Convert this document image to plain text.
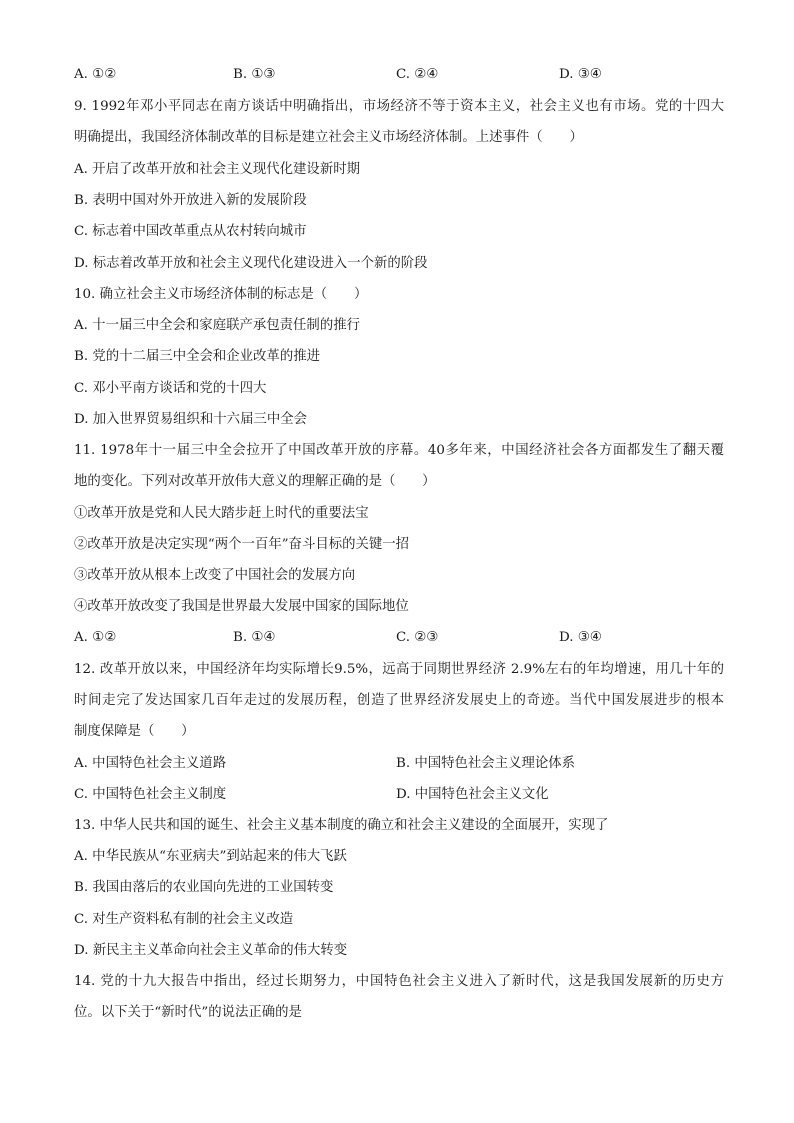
A. ①②	B. ①③	C. ②④	D. ③④
9. 1992年邓小平同志在南方谈话中明确指出，市场经济不等于资本主义，社会主义也有市场。党的十四大
明确提出，我国经济体制改革的目标是建立社会主义市场经济体制。上述事件（　　）
A. 开启了改革开放和社会主义现代化建设新时期
B. 表明中国对外开放进入新的发展阶段
C. 标志着中国改革重点从农村转向城市
D. 标志着改革开放和社会主义现代化建设进入一个新的阶段
10. 确立社会主义市场经济体制的标志是（　　）
A. 十一届三中全会和家庭联产承包责任制的推行
B. 党的十二届三中全会和企业改革的推进
C. 邓小平南方谈话和党的十四大
D. 加入世界贸易组织和十六届三中全会
11. 1978年十一届三中全会拉开了中国改革开放的序幕。40多年来，中国经济社会各方面都发生了翻天覆
地的变化。下列对改革开放伟大意义的理解正确的是（　　）
①改革开放是党和人民大踏步赶上时代的重要法宝
②改革开放是决定实现“两个一百年”奋斗目标的关键一招
③改革开放从根本上改变了中国社会的发展方向
④改革开放改变了我国是世界最大发展中国家的国际地位
A. ①②	B. ①④	C. ②③	D. ③④
12. 改革开放以来，中国经济年均实际增长9.5%，远高于同期世界经济 2.9%左右的年均增速，用几十年的
时间走完了发达国家几百年走过的发展历程，创造了世界经济发展史上的奇迹。当代中国发展进步的根本
制度保障是（　　）
A. 中国特色社会主义道路	B. 中国特色社会主义理论体系
C. 中国特色社会主义制度	D. 中国特色社会主义文化
13. 中华人民共和国的诞生、社会主义基本制度的确立和社会主义建设的全面展开，实现了
A. 中华民族从“东亚病夫”到站起来的伟大飞跃
B. 我国由落后的农业国向先进的工业国转变
C. 对生产资料私有制的社会主义改造
D. 新民主主义革命向社会主义革命的伟大转变
14. 党的十九大报告中指出，经过长期努力，中国特色社会主义进入了新时代，这是我国发展新的历史方
位。以下关于“新时代”的说法正确的是
